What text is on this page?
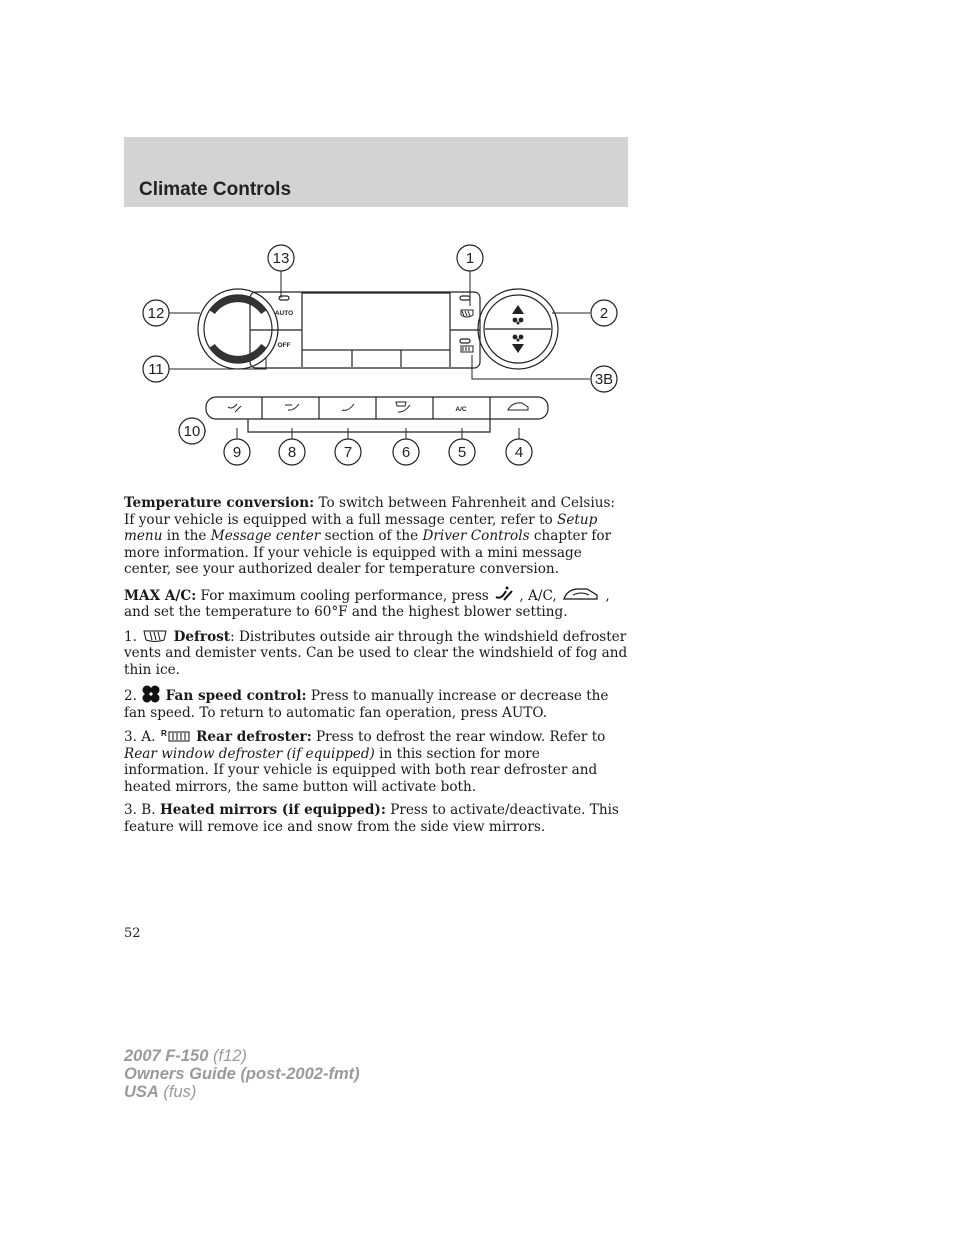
Climate Controls
AUTO
OFF
A/C
13	1
12	2
11
3B
10
9	8	7	6	5	4

Temperature conversion: To switch between Fahrenheit and Celsius: If your vehicle is equipped with a full message center, refer to Setup menu in the Message center section of the Driver Controls chapter for more information. If your vehicle is equipped with a mini message center, see your authorized dealer for temperature conversion.

MAX A/C: For maximum cooling performance, press  , A/C,	, and set the temperature to 60°F and the highest blower setting.

1.  Defrost: Distributes outside air through the windshield defroster vents and demister vents. Can be used to clear the windshield of fog and thin ice.

2.  Fan speed control: Press to manually increase or decrease the fan speed. To return to automatic fan operation, press AUTO.

3. A. R Rear defroster: Press to defrost the rear window. Refer to Rear window defroster (if equipped) in this section for more information. If your vehicle is equipped with both rear defroster and heated mirrors, the same button will activate both.

3. B. Heated mirrors (if equipped): Press to activate/deactivate. This feature will remove ice and snow from the side view mirrors.

52
2007 F-150 (f12)
Owners Guide (post-2002-fmt)
USA (fus)
